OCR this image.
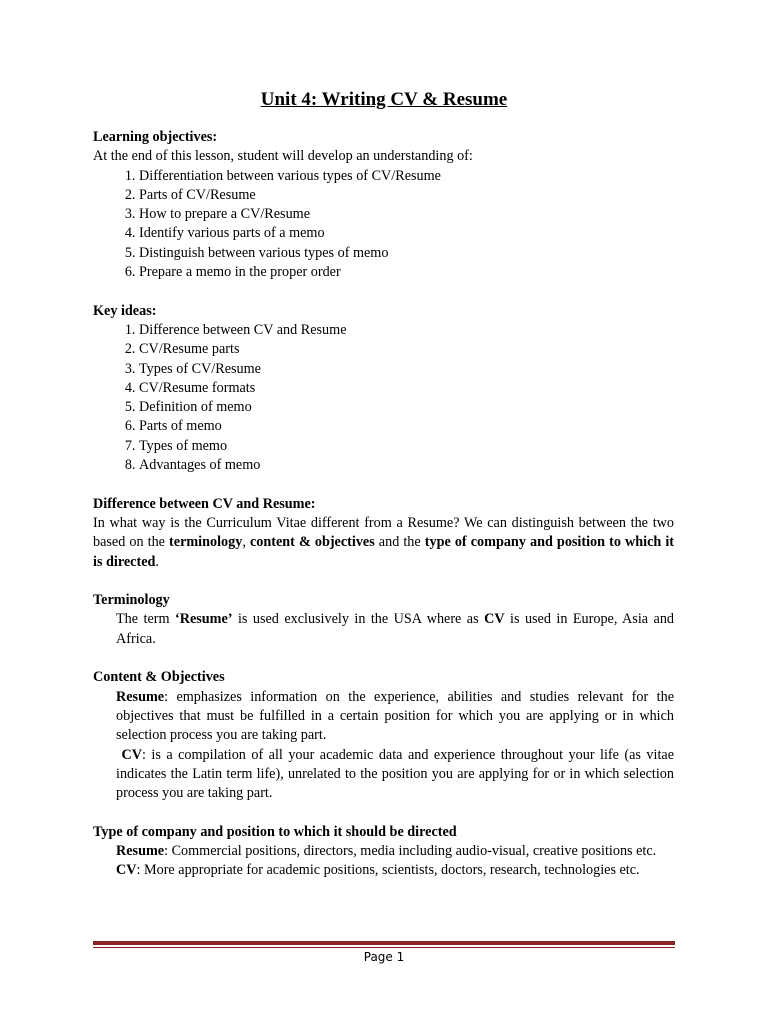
Unit 4: Writing CV & Resume
Learning objectives:
At the end of this lesson, student will develop an understanding of:
1. Differentiation between various types of CV/Resume
2. Parts of CV/Resume
3. How to prepare a CV/Resume
4. Identify various parts of a memo
5. Distinguish between various types of memo
6. Prepare a memo in the proper order
Key ideas:
1. Difference between CV and Resume
2. CV/Resume parts
3. Types of CV/Resume
4. CV/Resume formats
5. Definition of memo
6. Parts of memo
7. Types of memo
8. Advantages of memo
Difference between CV and Resume:
In what way is the Curriculum Vitae different from a Resume? We can distinguish between the two based on the terminology, content & objectives and the type of company and position to which it is directed.
Terminology
The term ‘Resume’ is used exclusively in the USA where as CV is used in Europe, Asia and Africa.
Content & Objectives
Resume: emphasizes information on the experience, abilities and studies relevant for the objectives that must be fulfilled in a certain position for which you are applying or in which selection process you are taking part.
CV: is a compilation of all your academic data and experience throughout your life (as vitae indicates the Latin term life), unrelated to the position you are applying for or in which selection process you are taking part.
Type of company and position to which it should be directed
Resume: Commercial positions, directors, media including audio-visual, creative positions etc.
CV: More appropriate for academic positions, scientists, doctors, research, technologies etc.
Page 1
